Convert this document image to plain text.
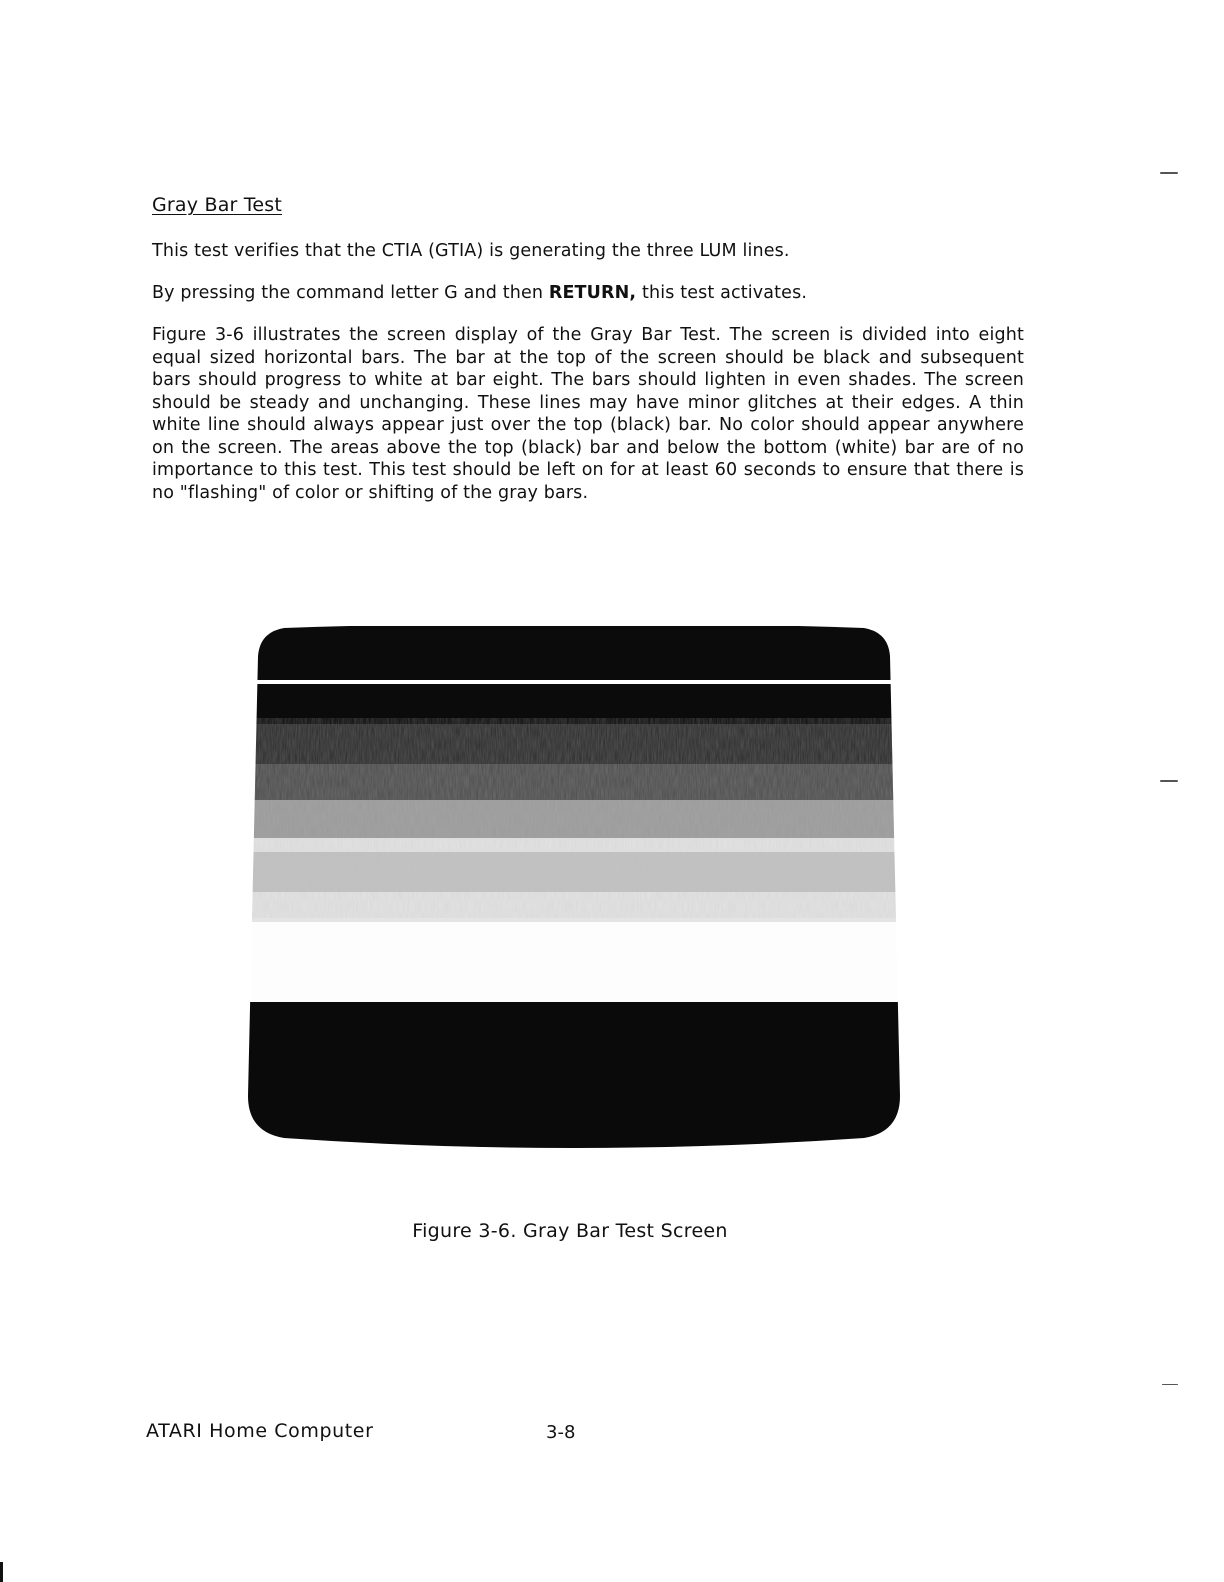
Gray Bar Test
This test verifies that the CTIA (GTIA) is generating the three LUM lines.
By pressing the command letter G and then RETURN, this test activates.
Figure 3-6 illustrates the screen display of the Gray Bar Test. The screen is divided into eight equal sized horizontal bars. The bar at the top of the screen should be black and subsequent bars should progress to white at bar eight. The bars should lighten in even shades. The screen should be steady and unchanging. These lines may have minor glitches at their edges. A thin white line should always appear just over the top (black) bar. No color should appear anywhere on the screen. The areas above the top (black) bar and below the bottom (white) bar are of no importance to this test. This test should be left on for at least 60 seconds to ensure that there is no "flashing" of color or shifting of the gray bars.
Figure 3-6. Gray Bar Test Screen
ATARI Home Computer	3-8
